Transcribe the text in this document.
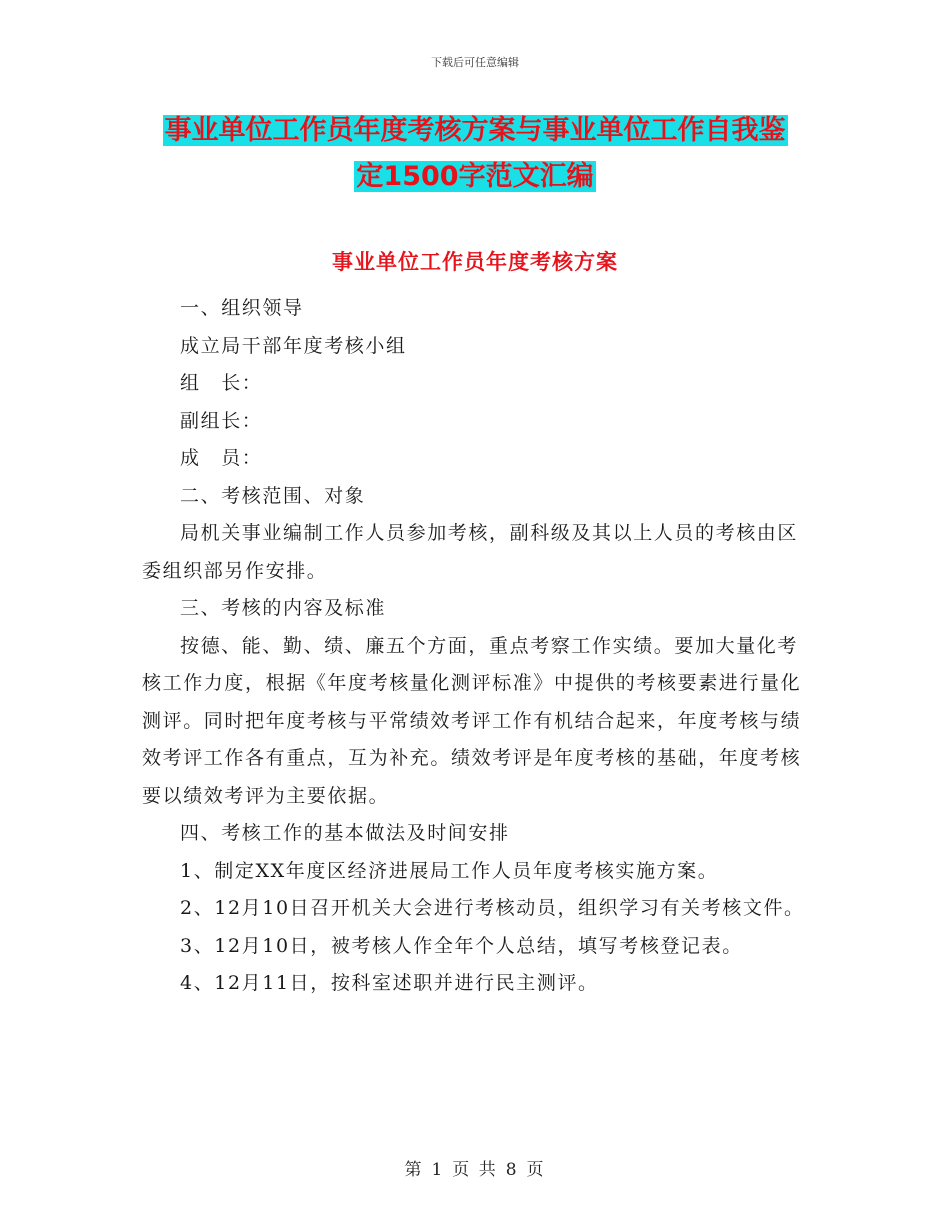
下载后可任意编辑
事业单位工作员年度考核方案与事业单位工作自我鉴
定1500字范文汇编
事业单位工作员年度考核方案

一、组织领导

成立局干部年度考核小组

组　长：

副组长：

成　员：

二、考核范围、对象

局机关事业编制工作人员参加考核，副科级及其以上人员的考核由区委组织部另作安排。

三、考核的内容及标准

按德、能、勤、绩、廉五个方面，重点考察工作实绩。要加大量化考核工作力度，根据《年度考核量化测评标准》中提供的考核要素进行量化测评。同时把年度考核与平常绩效考评工作有机结合起来，年度考核与绩效考评工作各有重点，互为补充。绩效考评是年度考核的基础，年度考核要以绩效考评为主要依据。

四、考核工作的基本做法及时间安排

1、制定XX年度区经济进展局工作人员年度考核实施方案。

2、12月10日召开机关大会进行考核动员，组织学习有关考核文件。

3、12月10日，被考核人作全年个人总结，填写考核登记表。

4、12月11日，按科室述职并进行民主测评。

第 1 页 共 8 页
